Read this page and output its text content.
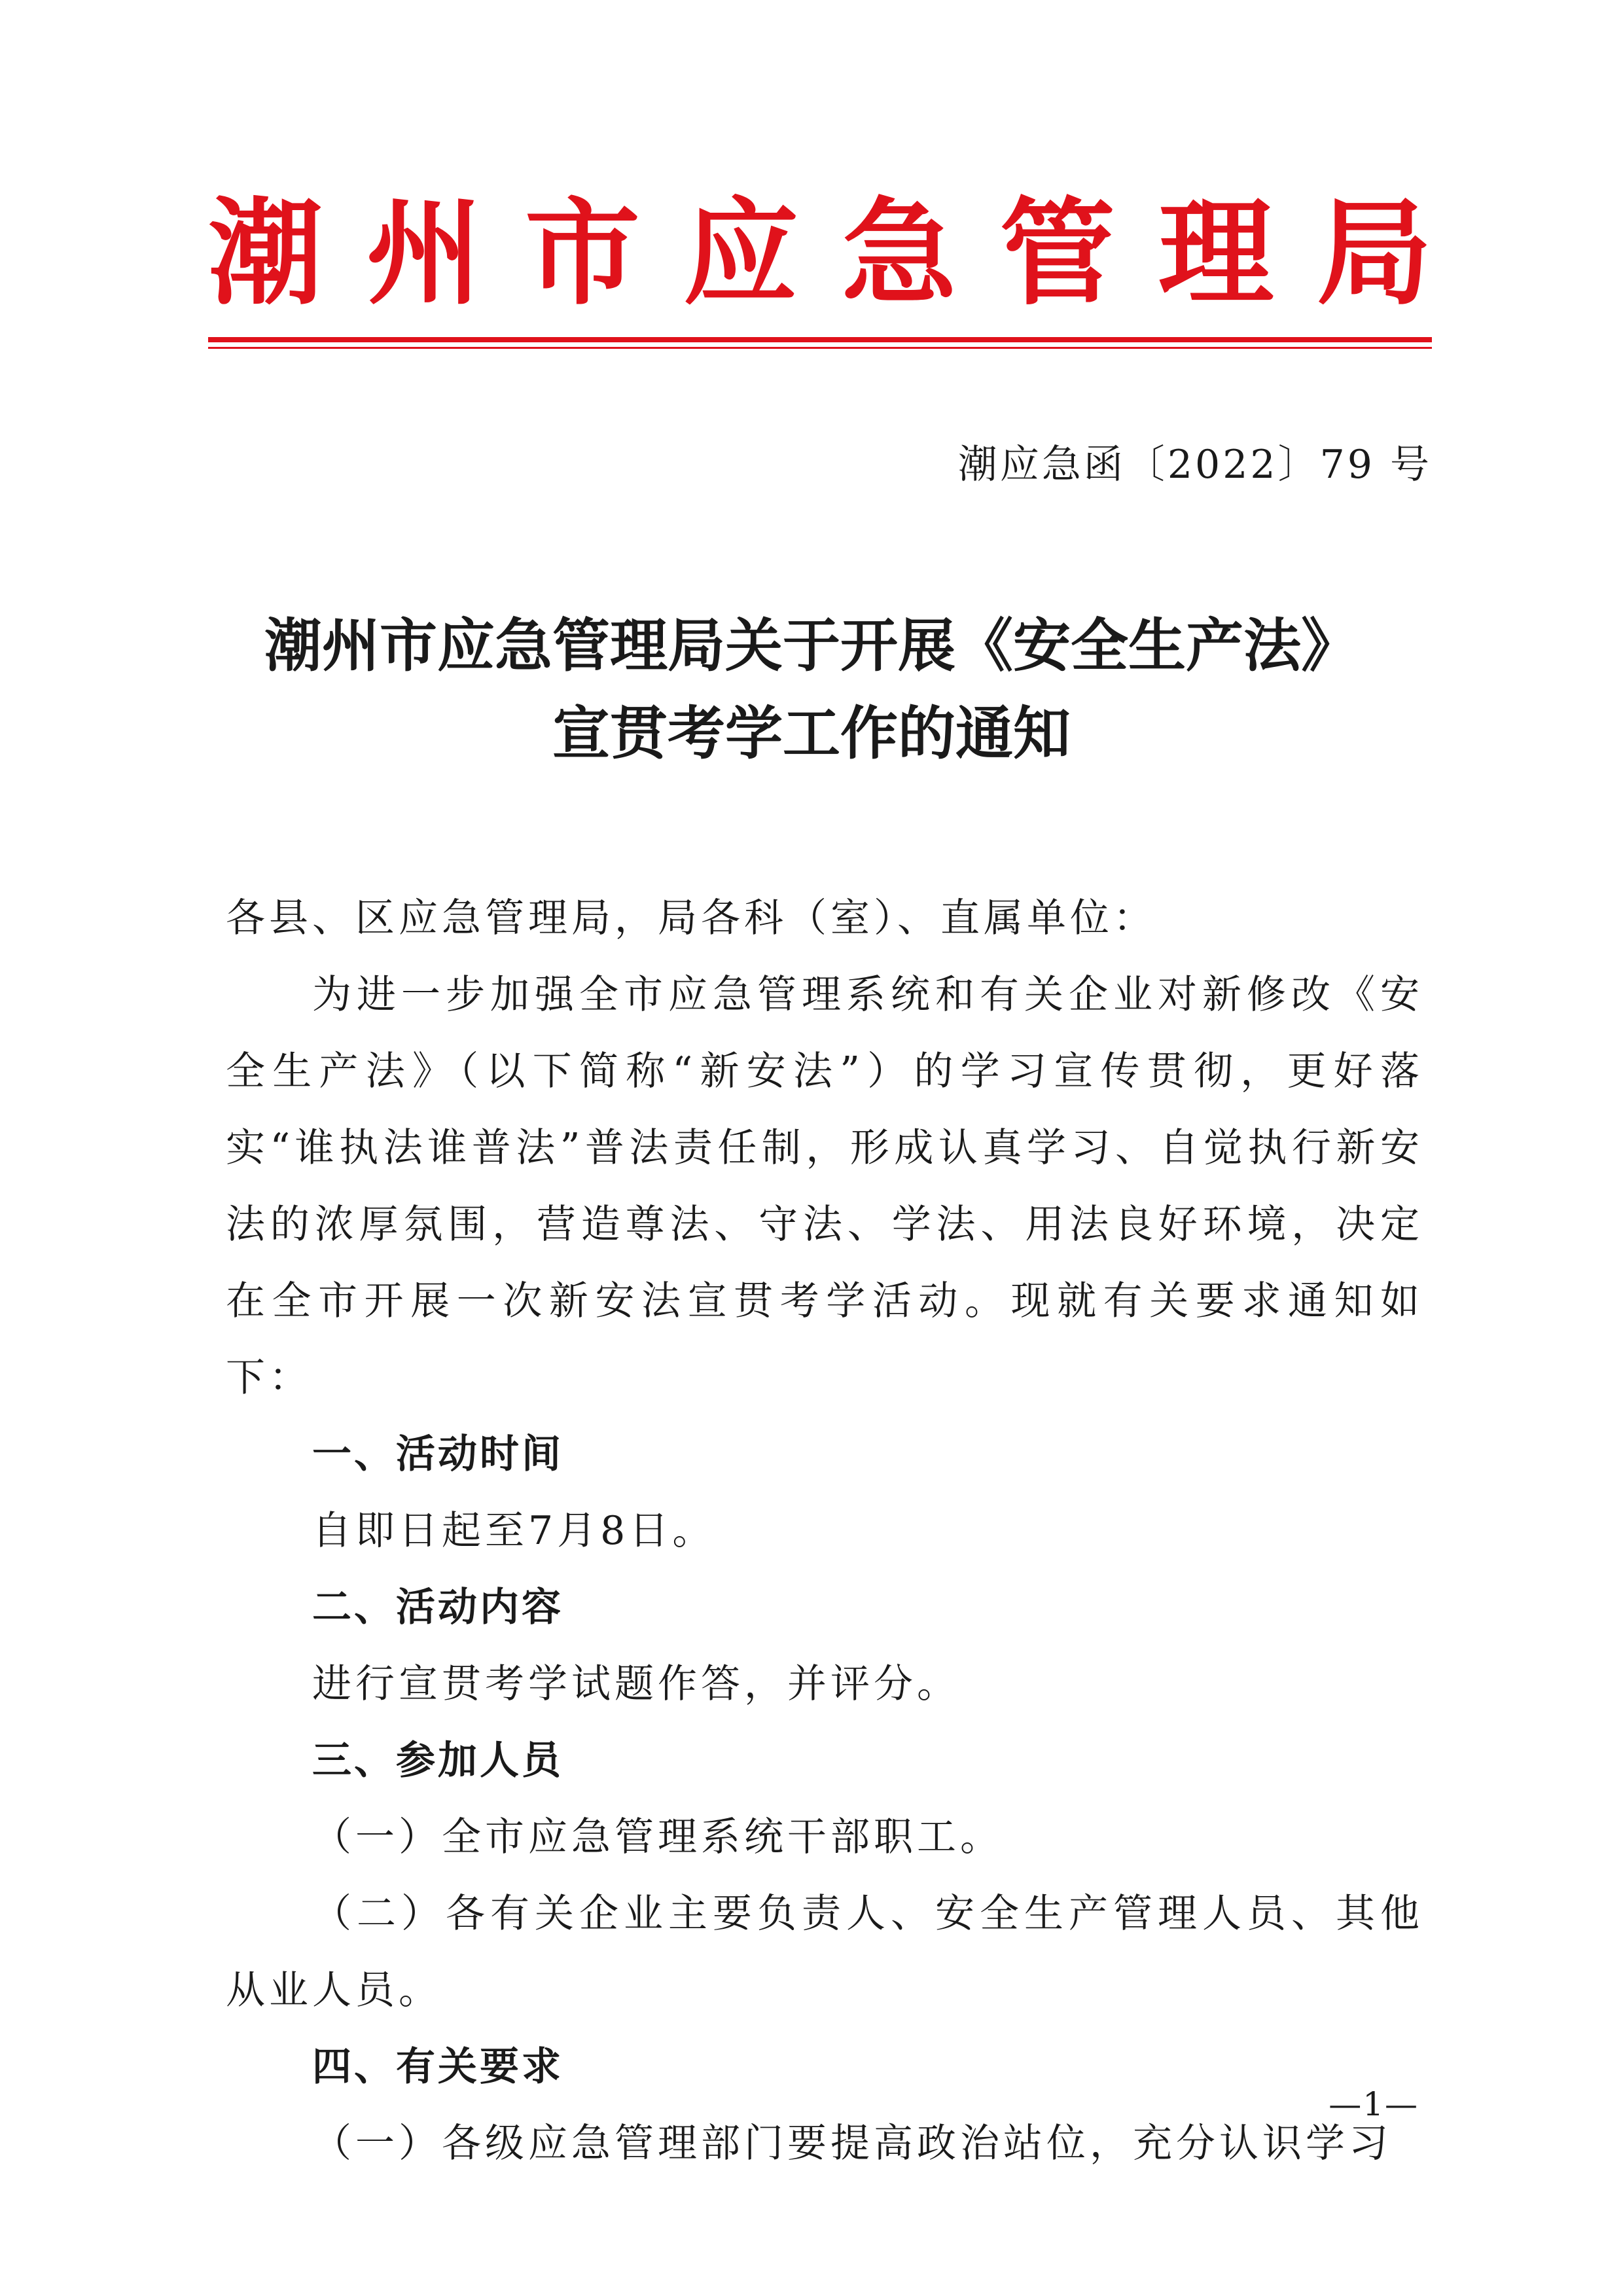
潮 州 市 应 急 管 理 局
潮应急函〔2022〕79 号
潮州市应急管理局关于开展《安全生产法》
宣贯考学工作的通知

各县、区应急管理局，局各科（室）、直属单位：

为进一步加强全市应急管理系统和有关企业对新修改《安全生产法》（以下简称“新安法”）的学习宣传贯彻，更好落实“谁执法谁普法”普法责任制，形成认真学习、自觉执行新安法的浓厚氛围，营造尊法、守法、学法、用法良好环境，决定在全市开展一次新安法宣贯考学活动。现就有关要求通知如下：

一、活动时间

自即日起至7月8日。

二、活动内容

进行宣贯考学试题作答，并评分。

三、参加人员

（一）全市应急管理系统干部职工。

（二）各有关企业主要负责人、安全生产管理人员、其他从业人员。

四、有关要求

（一）各级应急管理部门要提高政治站位，充分认识学习

—1—
